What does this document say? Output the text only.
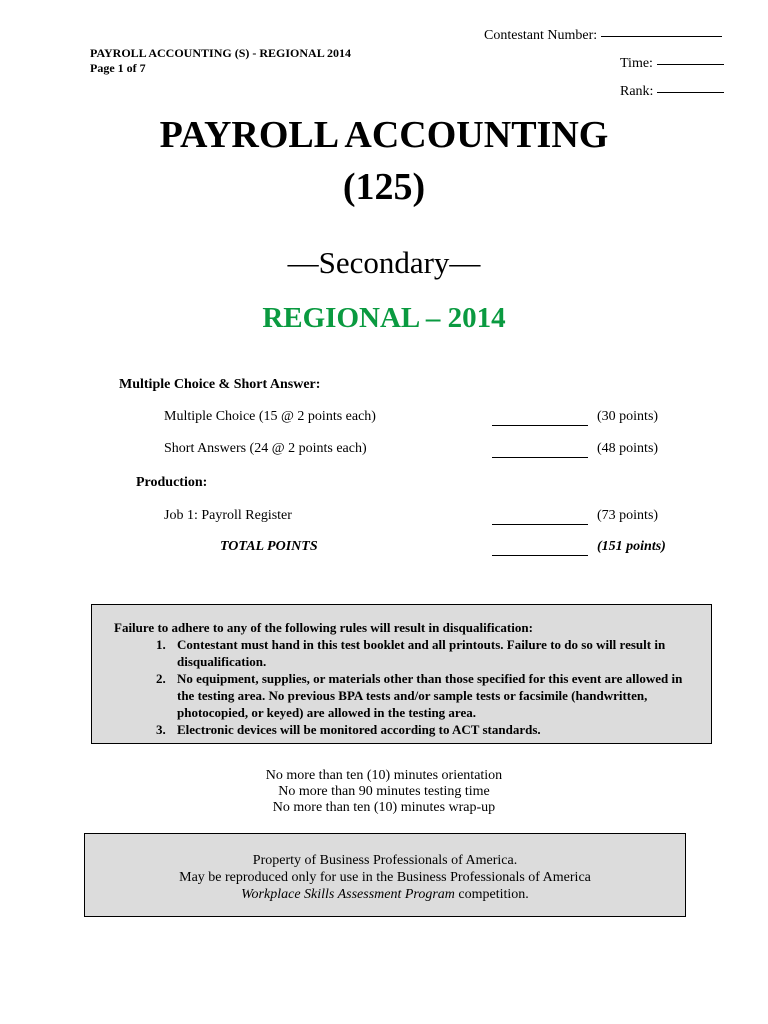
PAYROLL ACCOUNTING (S) - REGIONAL 2014
Page 1 of 7
Contestant Number:
Time:
Rank:
PAYROLL ACCOUNTING
(125)
—Secondary—
REGIONAL – 2014
Multiple Choice & Short Answer:
Multiple Choice (15 @ 2 points each)	(30 points)
Short Answers (24 @ 2 points each)	(48 points)
Production:
Job 1: Payroll Register	(73 points)
TOTAL POINTS	(151 points)
Failure to adhere to any of the following rules will result in disqualification:
1. Contestant must hand in this test booklet and all printouts. Failure to do so will result in disqualification.
2. No equipment, supplies, or materials other than those specified for this event are allowed in the testing area. No previous BPA tests and/or sample tests or facsimile (handwritten, photocopied, or keyed) are allowed in the testing area.
3. Electronic devices will be monitored according to ACT standards.
No more than ten (10) minutes orientation
No more than 90 minutes testing time
No more than ten (10) minutes wrap-up
Property of Business Professionals of America.
May be reproduced only for use in the Business Professionals of America
Workplace Skills Assessment Program competition.
